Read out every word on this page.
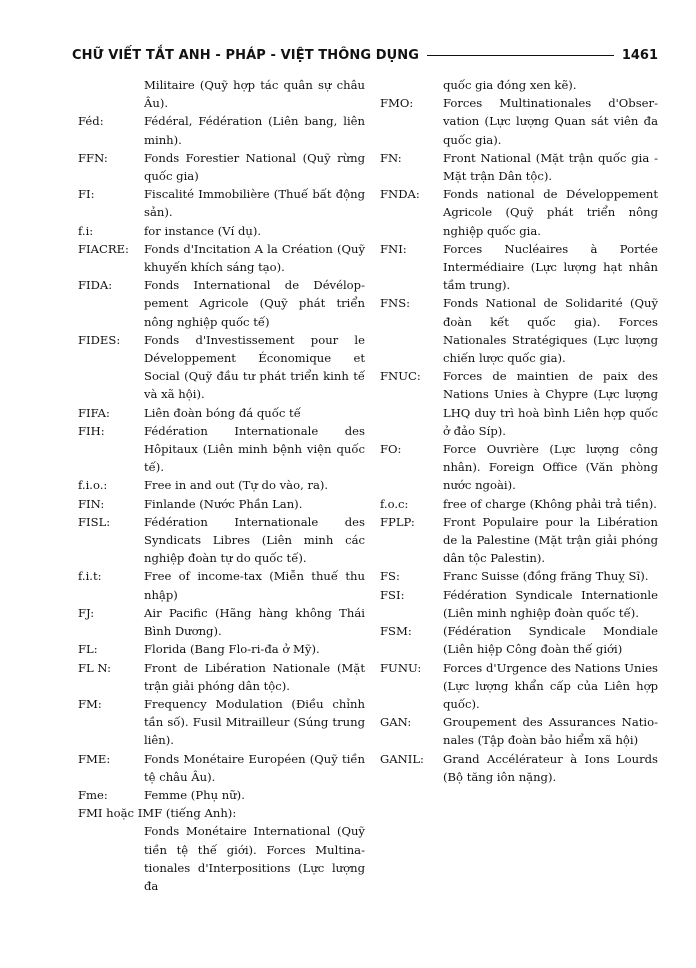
CHỮ VIẾT TẮT ANH - PHÁP - VIỆT THÔNG DỤNG	1461
Militaire (Quỹ hợp tác quân sự châu Âu).
Féd:	Fédéral, Fédération (Liên bang, liên minh).
FFN:	Fonds Forestier National (Quỹ rừng quốc gia)
FI:	Fiscalité Immobilière (Thuế bất động sản).
f.i:	for instance (Ví dụ).
FIACRE:	Fonds d'Incitation A la Création (Quỹ khuyến khích sáng tạo).
FIDA:	Fonds International de Dévélop-pement Agricole (Quỹ phát triển nông nghiệp quốc tế)
FIDES:	Fonds d'Investissement pour le Développement Économique et Social (Quỹ đầu tư phát triển kinh tế và xã hội).
FIFA:	Liên đoàn bóng đá quốc tế
FIH:	Fédération Internationale des Hôpitaux (Liên minh bệnh viện quốc tế).
f.i.o.:	Free in and out (Tự do vào, ra).
FIN:	Finlande (Nước Phần Lan).
FISL:	Fédération Internationale des Syndicats Libres (Liên minh các nghiệp đoàn tự do quốc tế).
f.i.t:	Free of income-tax (Miễn thuế thu nhập)
FJ:	Air Pacific (Hãng hàng không Thái Bình Dương).
FL:	Florida (Bang Flo-ri-đa ở Mỹ).
FL N:	Front de Libération Nationale (Mặt trận giải phóng dân tộc).
FM:	Frequency Modulation (Điều chỉnh tần số). Fusil Mitrailleur (Súng trung liên).
FME:	Fonds Monétaire Européen (Quỹ tiền tệ châu Âu).
Fme:	Femme (Phụ nữ).
FMI hoặc IMF (tiếng Anh):
Fonds Monétaire International (Quỹ tiền tệ thế giới). Forces Multina-tionales d'Interpositions (Lực lượng đa
quốc gia đóng xen kẽ).
FMO:	Forces Multinationales d'Obser-vation (Lực lượng Quan sát viên đa quốc gia).
FN:	Front National (Mặt trận quốc gia - Mặt trận Dân tộc).
FNDA:	Fonds national de Développement Agricole (Quỹ phát triển nông nghiệp quốc gia.
FNI:	Forces Nucléaires à Portée Intermédiaire (Lực lượng hạt nhân tầm trung).
FNS:	Fonds National de Solidarité (Quỹ đoàn kết quốc gia). Forces Nationales Stratégiques (Lực lượng chiến lược quốc gia).
FNUC:	Forces de maintien de paix des Nations Unies à Chypre (Lực lượng LHQ duy trì hoà bình Liên hợp quốc ở đảo Síp).
FO:	Force Ouvrière (Lực lượng công nhân). Foreign Office (Văn phòng nước ngoài).
f.o.c:	free of charge (Không phải trả tiền).
FPLP:	Front Populaire pour la Libération de la Palestine (Mặt trận giải phóng dân tộc Palestin).
FS:	Franc Suisse (đồng frăng Thuỵ Sĩ).
FSI:	Fédération Syndicale Internationle (Liên minh nghiệp đoàn quốc tế).
FSM:	(Fédération Syndicale Mondiale (Liên hiệp Công đoàn thế giới)
FUNU:	Forces d'Urgence des Nations Unies (Lực lượng khẩn cấp của Liên hợp quốc).
GAN:	Groupement des Assurances Natio-nales (Tập đoàn bảo hiểm xã hội)
GANIL:	Grand Accélérateur à Ions Lourds (Bộ tăng iôn nặng).
